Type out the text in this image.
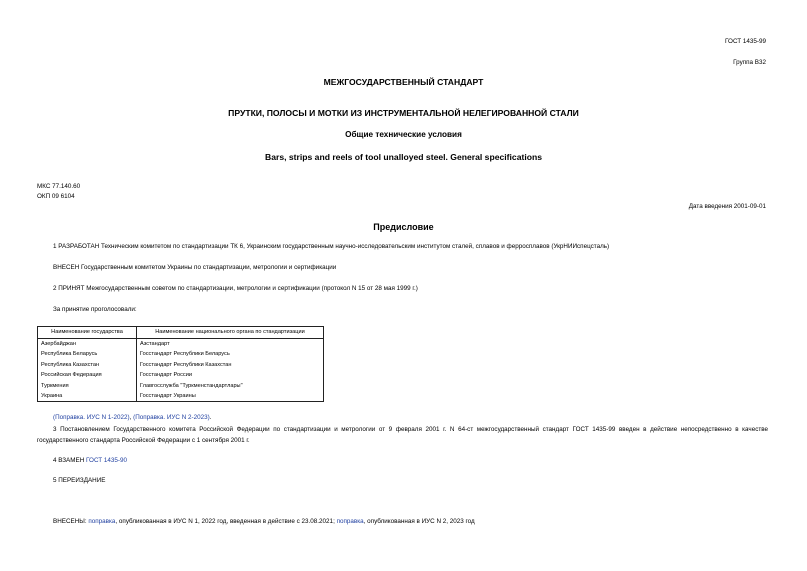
ГОСТ 1435-99
Группа В32
МЕЖГОСУДАРСТВЕННЫЙ СТАНДАРТ
ПРУТКИ, ПОЛОСЫ И МОТКИ ИЗ ИНСТРУМЕНТАЛЬНОЙ НЕЛЕГИРОВАННОЙ СТАЛИ
Общие технические условия
Bars, strips and reels of tool unalloyed steel. General specifications
МКС 77.140.60
ОКП 09 6104
Дата введения 2001-09-01
Предисловие
1 РАЗРАБОТАН Техническим комитетом по стандартизации ТК 6, Украинским государственным научно-исследовательским институтом сталей, сплавов и ферросплавов (УкрНИИспецсталь)
ВНЕСЕН Государственным комитетом Украины по стандартизации, метрологии и сертификации
2 ПРИНЯТ Межгосударственным советом по стандартизации, метрологии и сертификации (протокол N 15 от 28 мая 1999 г.)
За принятие проголосовали:
Наименование государства	Наименование национального органа по стандартизации
Азербайджан	Азстандарт
Республика Беларусь	Госстандарт Республики Беларусь
Республика Казахстан	Госстандарт Республики Казахстан
Российская Федерация	Госстандарт России
Туркмения	Главгосслужба "Туркменстандартлары"
Украина	Госстандарт Украины
(Поправка. ИУС N 1-2022), (Поправка. ИУС N 2-2023).
3 Постановлением Государственного комитета Российской Федерации по стандартизации и метрологии от 9 февраля 2001 г. N 64-ст межгосударственный стандарт ГОСТ 1435-99 введен в действие непосредственно в качестве государственного стандарта Российской Федерации с 1 сентября 2001 г.
4 ВЗАМЕН ГОСТ 1435-90
5 ПЕРЕИЗДАНИЕ
ВНЕСЕНЫ: поправка, опубликованная в ИУС N 1, 2022 год, введенная в действие с 23.08.2021; поправка, опубликованная в ИУС N 2, 2023 год
